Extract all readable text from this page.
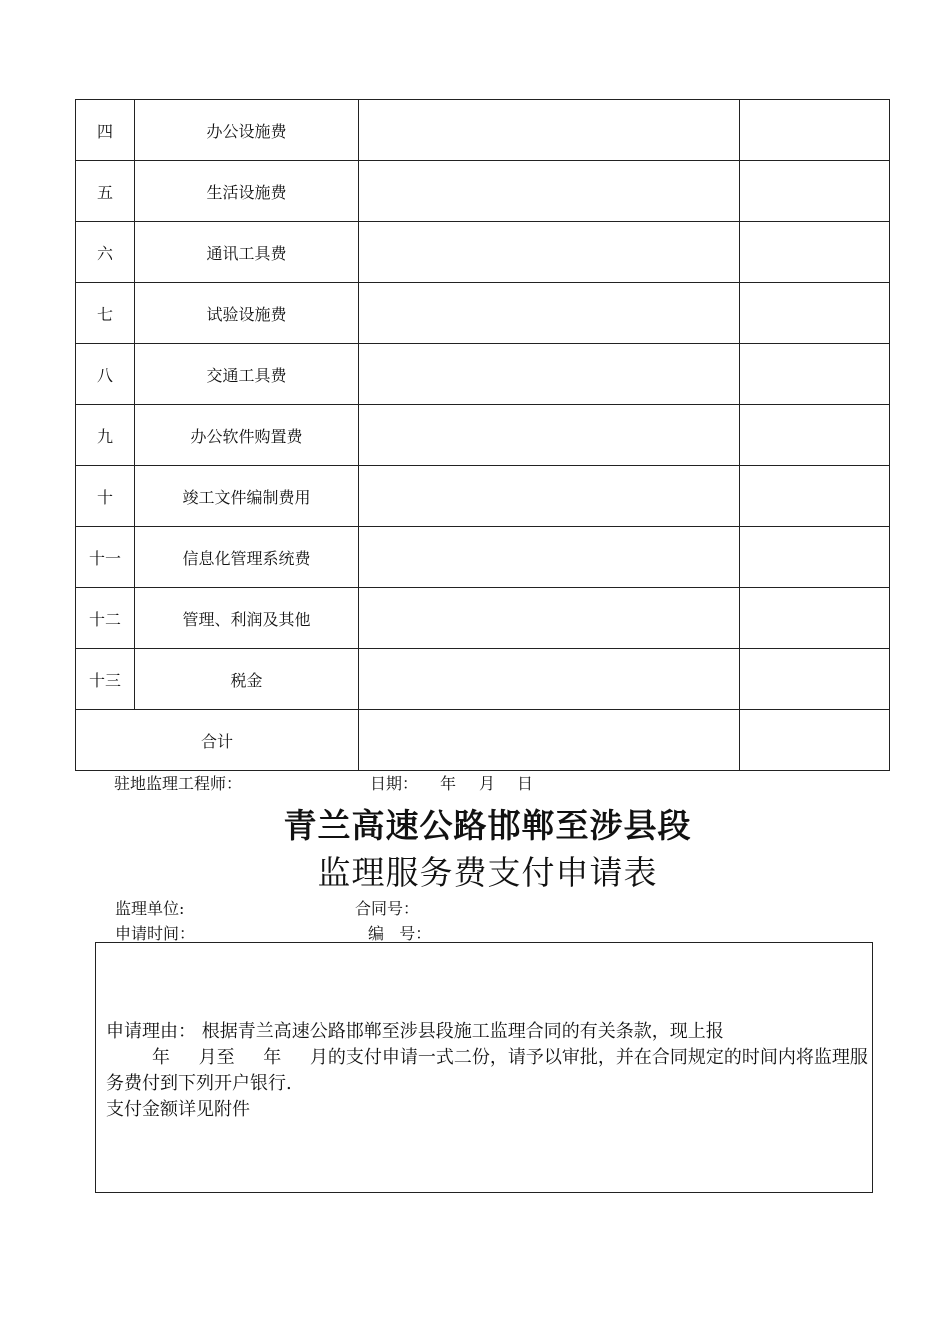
四	办公设施费		
五	生活设施费		
六	通讯工具费		
七	试验设施费		
八	交通工具费		
九	办公软件购置费		
十	竣工文件编制费用		
十一	信息化管理系统费		
十二	管理、利润及其他		
十三	税金		
合计			
驻地监理工程师：	日期： 年 月 日
青兰高速公路邯郸至涉县段
监理服务费支付申请表
监理单位:	合同号：
申请时间：	编   号：

申请理由： 根据青兰高速公路邯郸至涉县段施工监理合同的有关条款，现上报

年     月至     年     月的支付申请一式二份，请予以审批，并在合同规定的时间内将监理服务费付到下列开户银行.

支付金额详见附件
